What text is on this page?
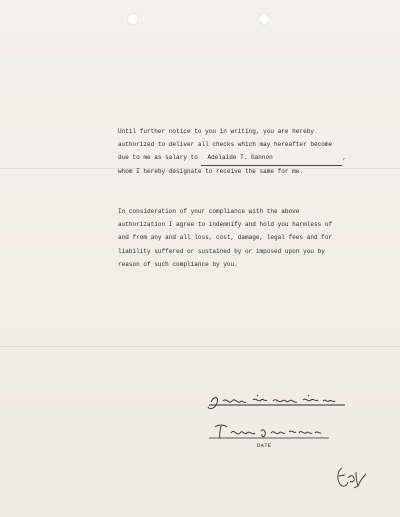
Until further notice to you in writing, you are hereby
authorized to deliver all checks which may hereafter become
due to me as salary to Adelaide T. Gannon	,
whom I hereby designate to receive the same for me.
In consideration of your compliance with the above
authorization I agree to indemnify and hold you harmless of
and from any and all loss, cost, damage, legal fees and for
liability suffered or sustained by or imposed upon you by
reason of such compliance by you.
DATE
